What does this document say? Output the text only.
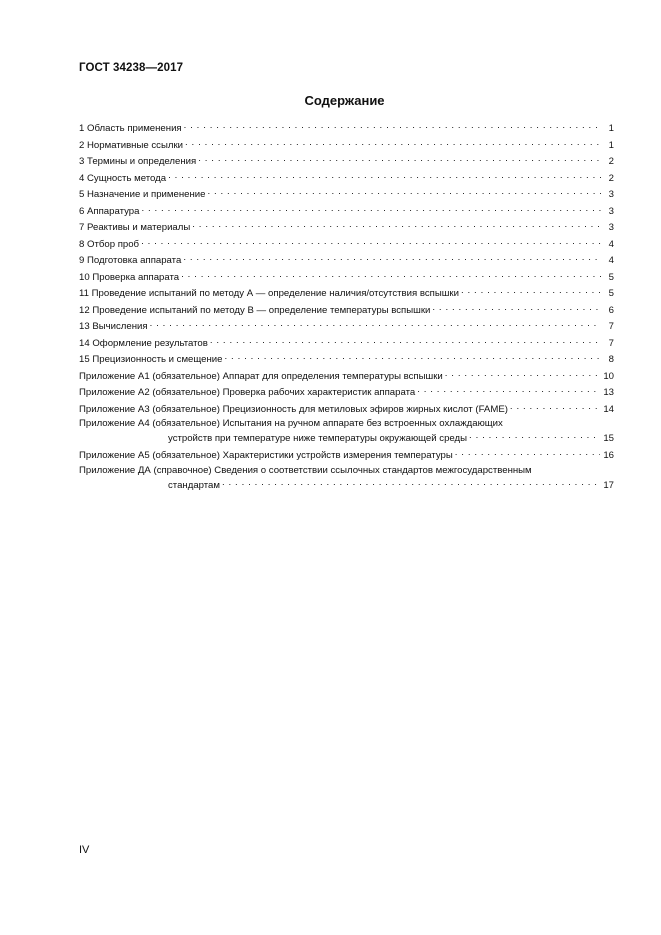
ГОСТ 34238—2017
Содержание
1 Область применения . . .	1
2 Нормативные ссылки . . .	1
3 Термины и определения . . .	2
4 Сущность метода . . .	2
5 Назначение и применение . . .	3
6 Аппаратура . . .	3
7 Реактивы и материалы . . .	3
8 Отбор проб . . .	4
9 Подготовка аппарата . . .	4
10 Проверка аппарата . . .	5
11 Проведение испытаний по методу А — определение наличия/отсутствия вспышки . . .	5
12 Проведение испытаний по методу В — определение температуры вспышки . . .	6
13 Вычисления . . .	7
14 Оформление результатов . . .	7
15 Прецизионность и смещение . . .	8
Приложение А1 (обязательное) Аппарат для определения температуры вспышки . . .	10
Приложение А2 (обязательное) Проверка рабочих характеристик аппарата . . .	13
Приложение А3 (обязательное) Прецизионность для метиловых эфиров жирных кислот (FAME) . . .	14
Приложение А4 (обязательное) Испытания на ручном аппарате без встроенных охлаждающих
устройств при температуре ниже температуры окружающей среды . . .	15
Приложение А5 (обязательное) Характеристики устройств измерения температуры . . .	16
Приложение ДА (справочное) Сведения о соответствии ссылочных стандартов межгосударственным
стандартам . . .	17
IV
